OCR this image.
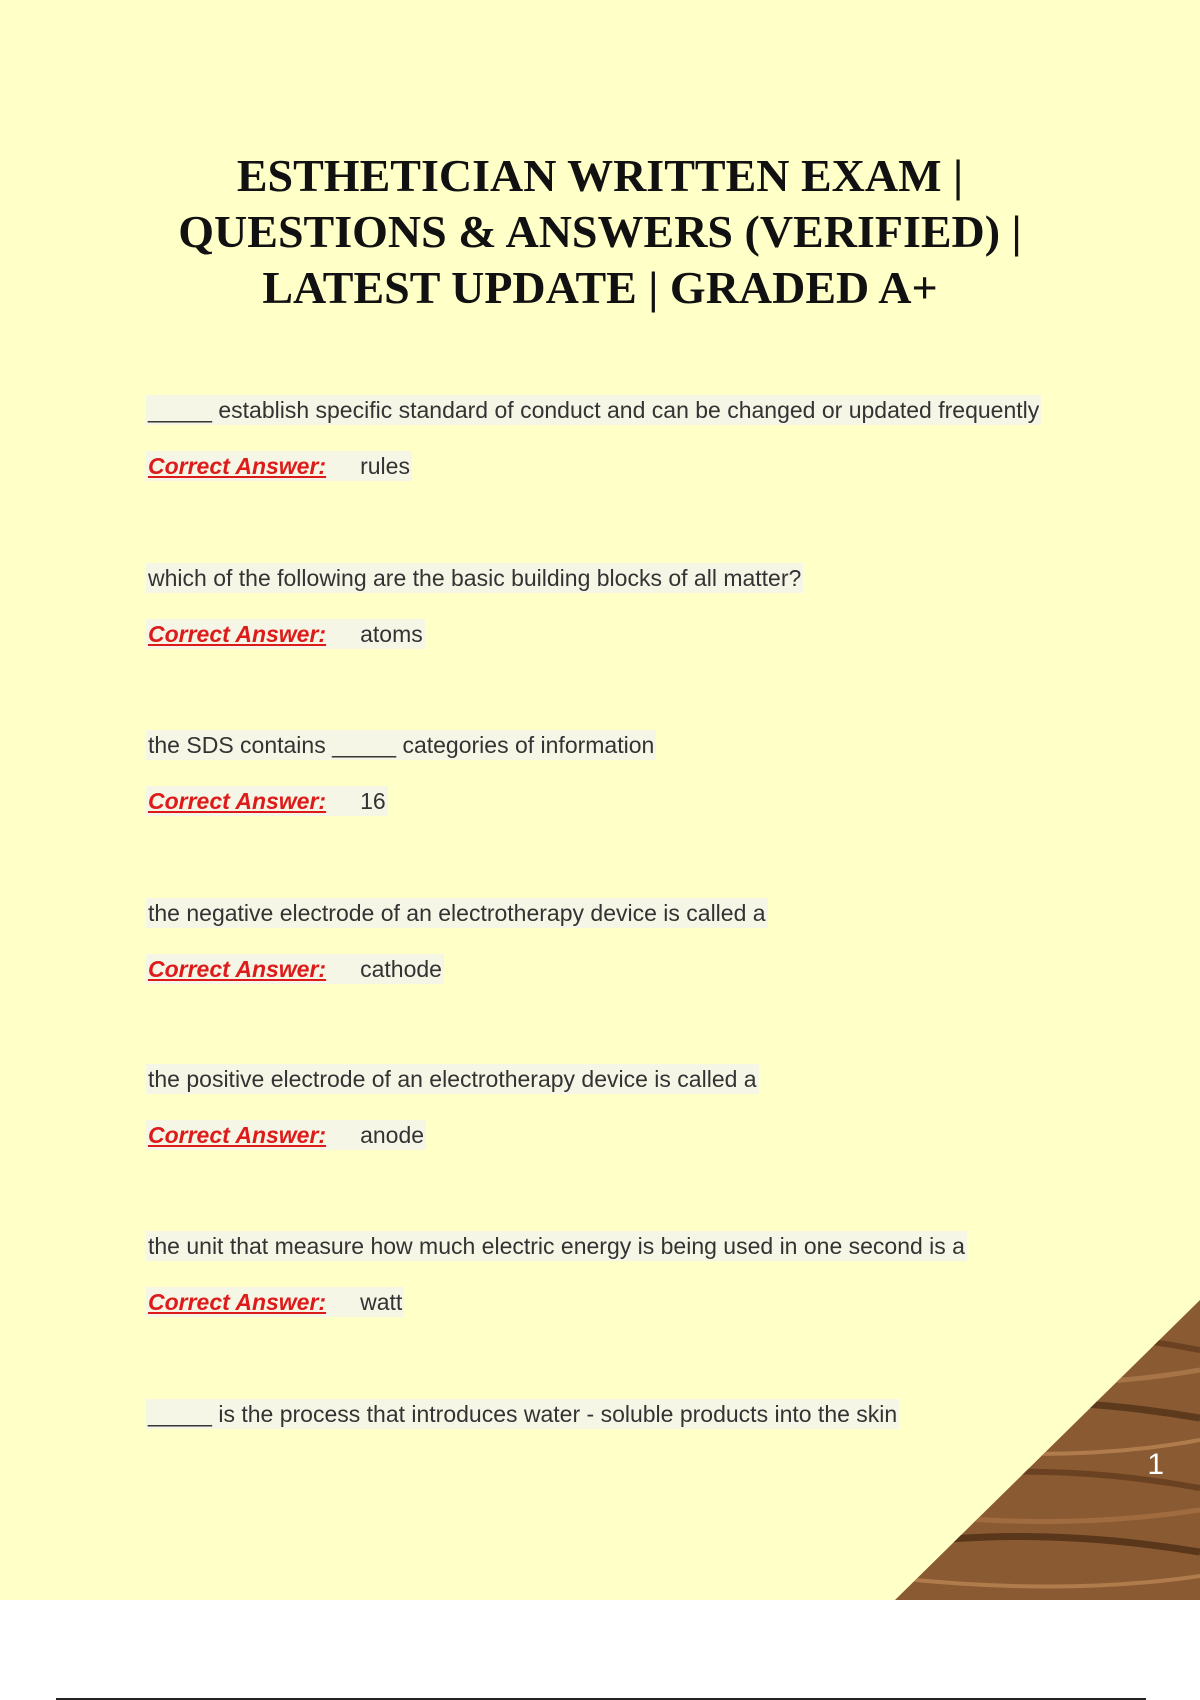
ESTHETICIAN WRITTEN EXAM |
QUESTIONS & ANSWERS (VERIFIED) |
LATEST UPDATE | GRADED A+
_____ establish specific standard of conduct and can be changed or updated frequently
Correct Answer:	rules
which of the following are the basic building blocks of all matter?
Correct Answer:	atoms
the SDS contains _____ categories of information
Correct Answer:	16
the negative electrode of an electrotherapy device is called a
Correct Answer:	cathode
the positive electrode of an electrotherapy device is called a
Correct Answer:	anode
the unit that measure how much electric energy is being used in one second is a
Correct Answer:	watt
_____ is the process that introduces water - soluble products into the skin
1
